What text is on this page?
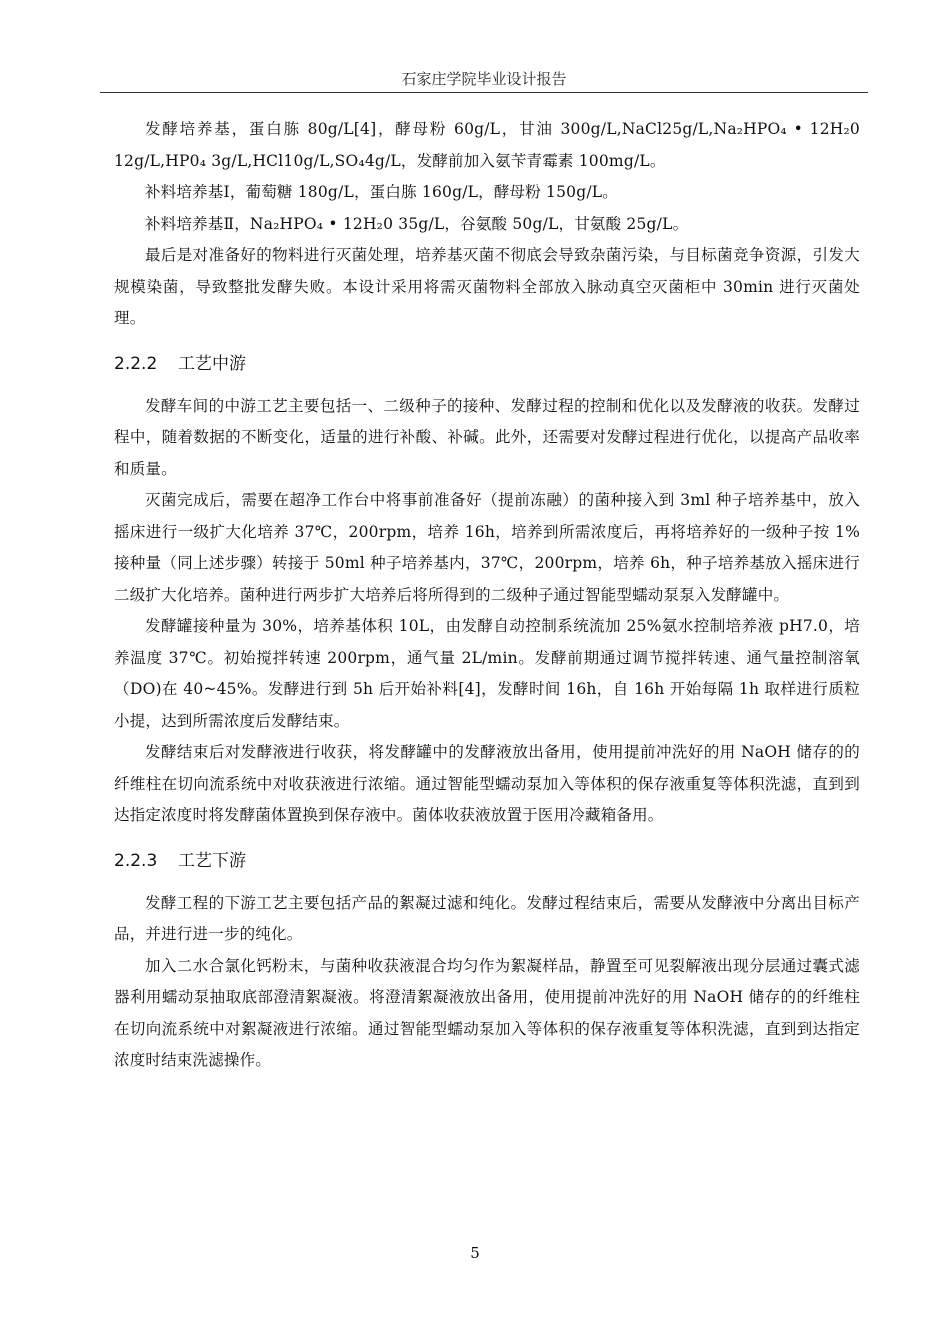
石家庄学院毕业设计报告

发酵培养基，蛋白胨 80g/L[4]，酵母粉 60g/L，甘油 300g/L,NaCl25g/L,Na₂HPO₄ • 12H₂0 12g/L,HP0₄ 3g/L,HCl10g/L,SO₄4g/L，发酵前加入氨苄青霉素 100mg/L。

补料培养基Ⅰ，葡萄糖 180g/L，蛋白胨 160g/L，酵母粉 150g/L。

补料培养基Ⅱ，Na₂HPO₄ • 12H₂0 35g/L，谷氨酸 50g/L，甘氨酸 25g/L。

最后是对准备好的物料进行灭菌处理，培养基灭菌不彻底会导致杂菌污染，与目标菌竞争资源，引发大规模染菌，导致整批发酵失败。本设计采用将需灭菌物料全部放入脉动真空灭菌柜中 30min 进行灭菌处理。

2.2.2 工艺中游

发酵车间的中游工艺主要包括一、二级种子的接种、发酵过程的控制和优化以及发酵液的收获。发酵过程中，随着数据的不断变化，适量的进行补酸、补碱。此外，还需要对发酵过程进行优化，以提高产品收率和质量。

灭菌完成后，需要在超净工作台中将事前准备好（提前冻融）的菌种接入到 3ml 种子培养基中，放入摇床进行一级扩大化培养 37℃，200rpm，培养 16h，培养到所需浓度后，再将培养好的一级种子按 1%接种量（同上述步骤）转接于 50ml 种子培养基内，37℃，200rpm，培养 6h，种子培养基放入摇床进行二级扩大化培养。菌种进行两步扩大培养后将所得到的二级种子通过智能型蠕动泵泵入发酵罐中。

发酵罐接种量为 30%，培养基体积 10L，由发酵自动控制系统流加 25%氨水控制培养液 pH7.0，培养温度 37℃。初始搅拌转速 200rpm，通气量 2L/min。发酵前期通过调节搅拌转速、通气量控制溶氧（DO)在 40~45%。发酵进行到 5h 后开始补料[4]，发酵时间 16h，自 16h 开始每隔 1h 取样进行质粒小提，达到所需浓度后发酵结束。

发酵结束后对发酵液进行收获，将发酵罐中的发酵液放出备用，使用提前冲洗好的用 NaOH 储存的的纤维柱在切向流系统中对收获液进行浓缩。通过智能型蠕动泵加入等体积的保存液重复等体积洗滤，直到到达指定浓度时将发酵菌体置换到保存液中。菌体收获液放置于医用冷藏箱备用。

2.2.3 工艺下游

发酵工程的下游工艺主要包括产品的絮凝过滤和纯化。发酵过程结束后，需要从发酵液中分离出目标产品，并进行进一步的纯化。

加入二水合氯化钙粉末，与菌种收获液混合均匀作为絮凝样品，静置至可见裂解液出现分层通过囊式滤器利用蠕动泵抽取底部澄清絮凝液。将澄清絮凝液放出备用，使用提前冲洗好的用 NaOH 储存的的纤维柱在切向流系统中对絮凝液进行浓缩。通过智能型蠕动泵加入等体积的保存液重复等体积洗滤，直到到达指定浓度时结束洗滤操作。

5
